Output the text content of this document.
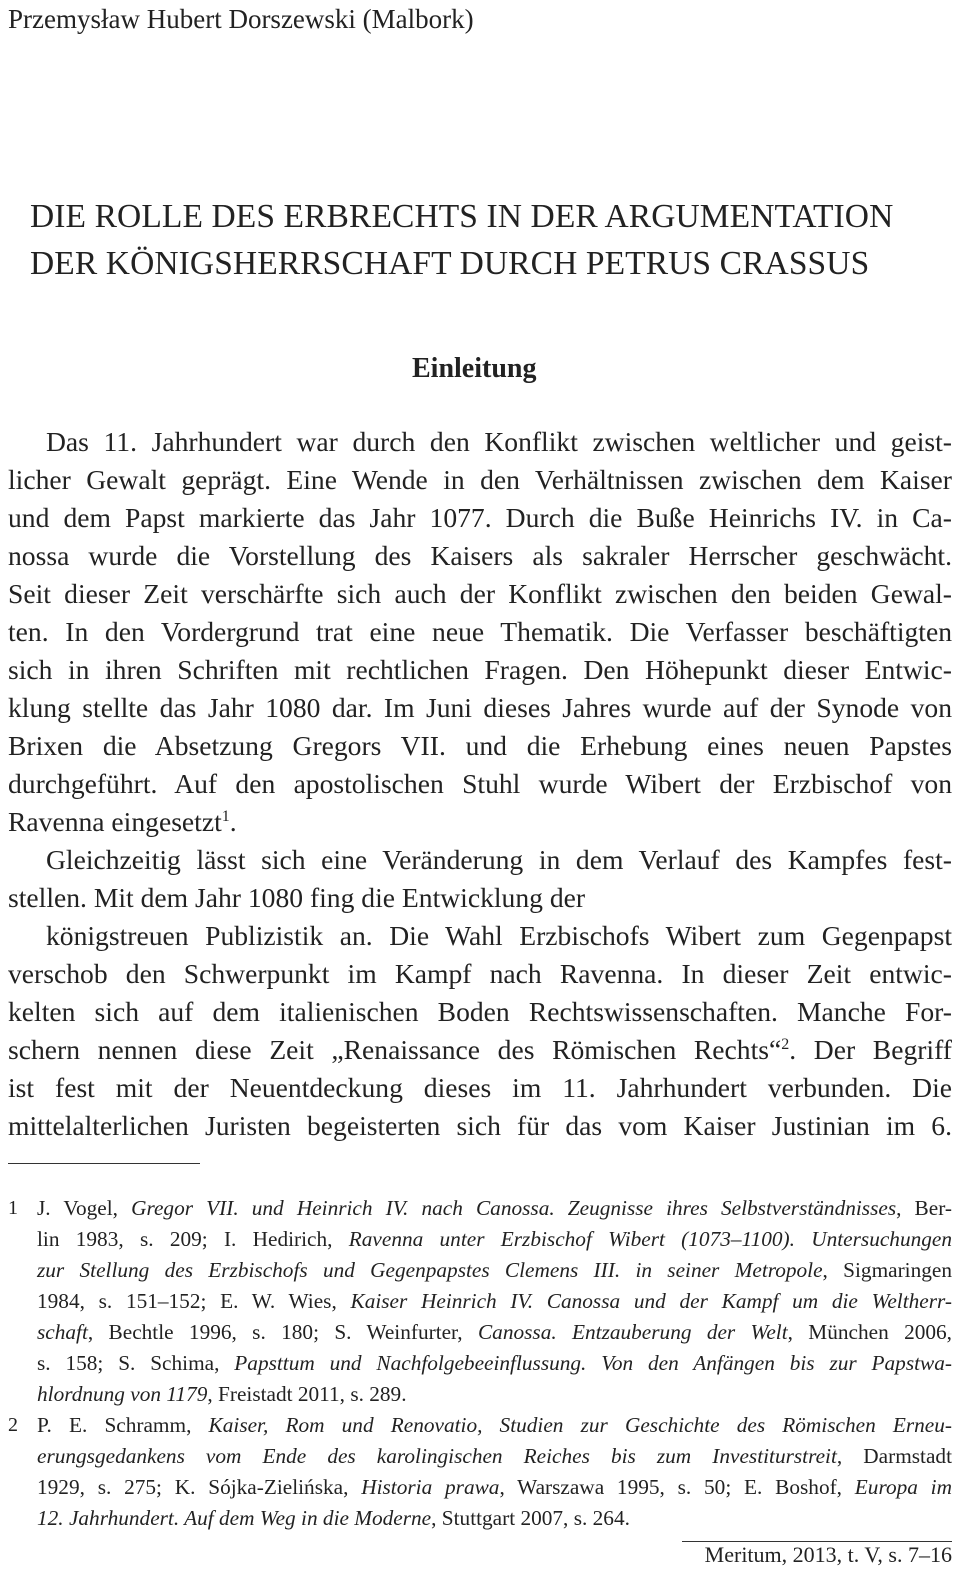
Przemysław Hubert Dorszewski (Malbork)
DIE ROLLE DES ERBRECHTS IN DER ARGUMENTATION
DER KÖNIGSHERRSCHAFT DURCH PETRUS CRASSUS
Einleitung
Das 11. Jahrhundert war durch den Konflikt zwischen weltlicher und geist-
licher Gewalt geprägt. Eine Wende in den Verhältnissen zwischen dem Kaiser
und dem Papst markierte das Jahr 1077. Durch die Buße Heinrichs IV. in Ca-
nossa wurde die Vorstellung des Kaisers als sakraler Herrscher geschwächt.
Seit dieser Zeit verschärfte sich auch der Konflikt zwischen den beiden Gewal-
ten. In den Vordergrund trat eine neue Thematik. Die Verfasser beschäftigten
sich in ihren Schriften mit rechtlichen Fragen. Den Höhepunkt dieser Entwic-
klung stellte das Jahr 1080 dar. Im Juni dieses Jahres wurde auf der Synode von
Brixen die Absetzung Gregors VII. und die Erhebung eines neuen Papstes
durchgeführt. Auf den apostolischen Stuhl wurde Wibert der Erzbischof von
Ravenna eingesetzt$^1$.
Gleichzeitig lässt sich eine Veränderung in dem Verlauf des Kampfes fest-
stellen. Mit dem Jahr 1080 fing die Entwicklung der
königstreuen Publizistik an. Die Wahl Erzbischofs Wibert zum Gegenpapst
verschob den Schwerpunkt im Kampf nach Ravenna. In dieser Zeit entwic-
kelten sich auf dem italienischen Boden Rechtswissenschaften. Manche For-
schern nennen diese Zeit „Renaissance des Römischen Rechts“$^2$. Der Begriff
ist fest mit der Neuentdeckung dieses im 11. Jahrhundert verbunden. Die
mittelalterlichen Juristen begeisterten sich für das vom Kaiser Justinian im 6.
1 J. Vogel, Gregor VII. und Heinrich IV. nach Canossa. Zeugnisse ihres Selbstverständnisses, Ber-
lin 1983, s. 209; I. Hedirich, Ravenna unter Erzbischof Wibert (1073–1100). Untersuchungen
zur Stellung des Erzbischofs und Gegenpapstes Clemens III. in seiner Metropole, Sigmaringen
1984, s. 151–152; E. W. Wies, Kaiser Heinrich IV. Canossa und der Kampf um die Weltherr-
schaft, Bechtle 1996, s. 180; S. Weinfurter, Canossa. Entzauberung der Welt, München 2006,
s. 158; S. Schima, Papsttum und Nachfolgebeeinflussung. Von den Anfängen bis zur Papstwa-
hlordnung von 1179, Freistadt 2011, s. 289.
2 P. E. Schramm, Kaiser, Rom und Renovatio, Studien zur Geschichte des Römischen Erneu-
erungsgedankens vom Ende des karolingischen Reiches bis zum Investiturstreit, Darmstadt
1929, s. 275; K. Sójka-Zielińska, Historia prawa, Warszawa 1995, s. 50; E. Boshof, Europa im
12. Jahrhundert. Auf dem Weg in die Moderne, Stuttgart 2007, s. 264.
Meritum, 2013, t. V, s. 7–16
